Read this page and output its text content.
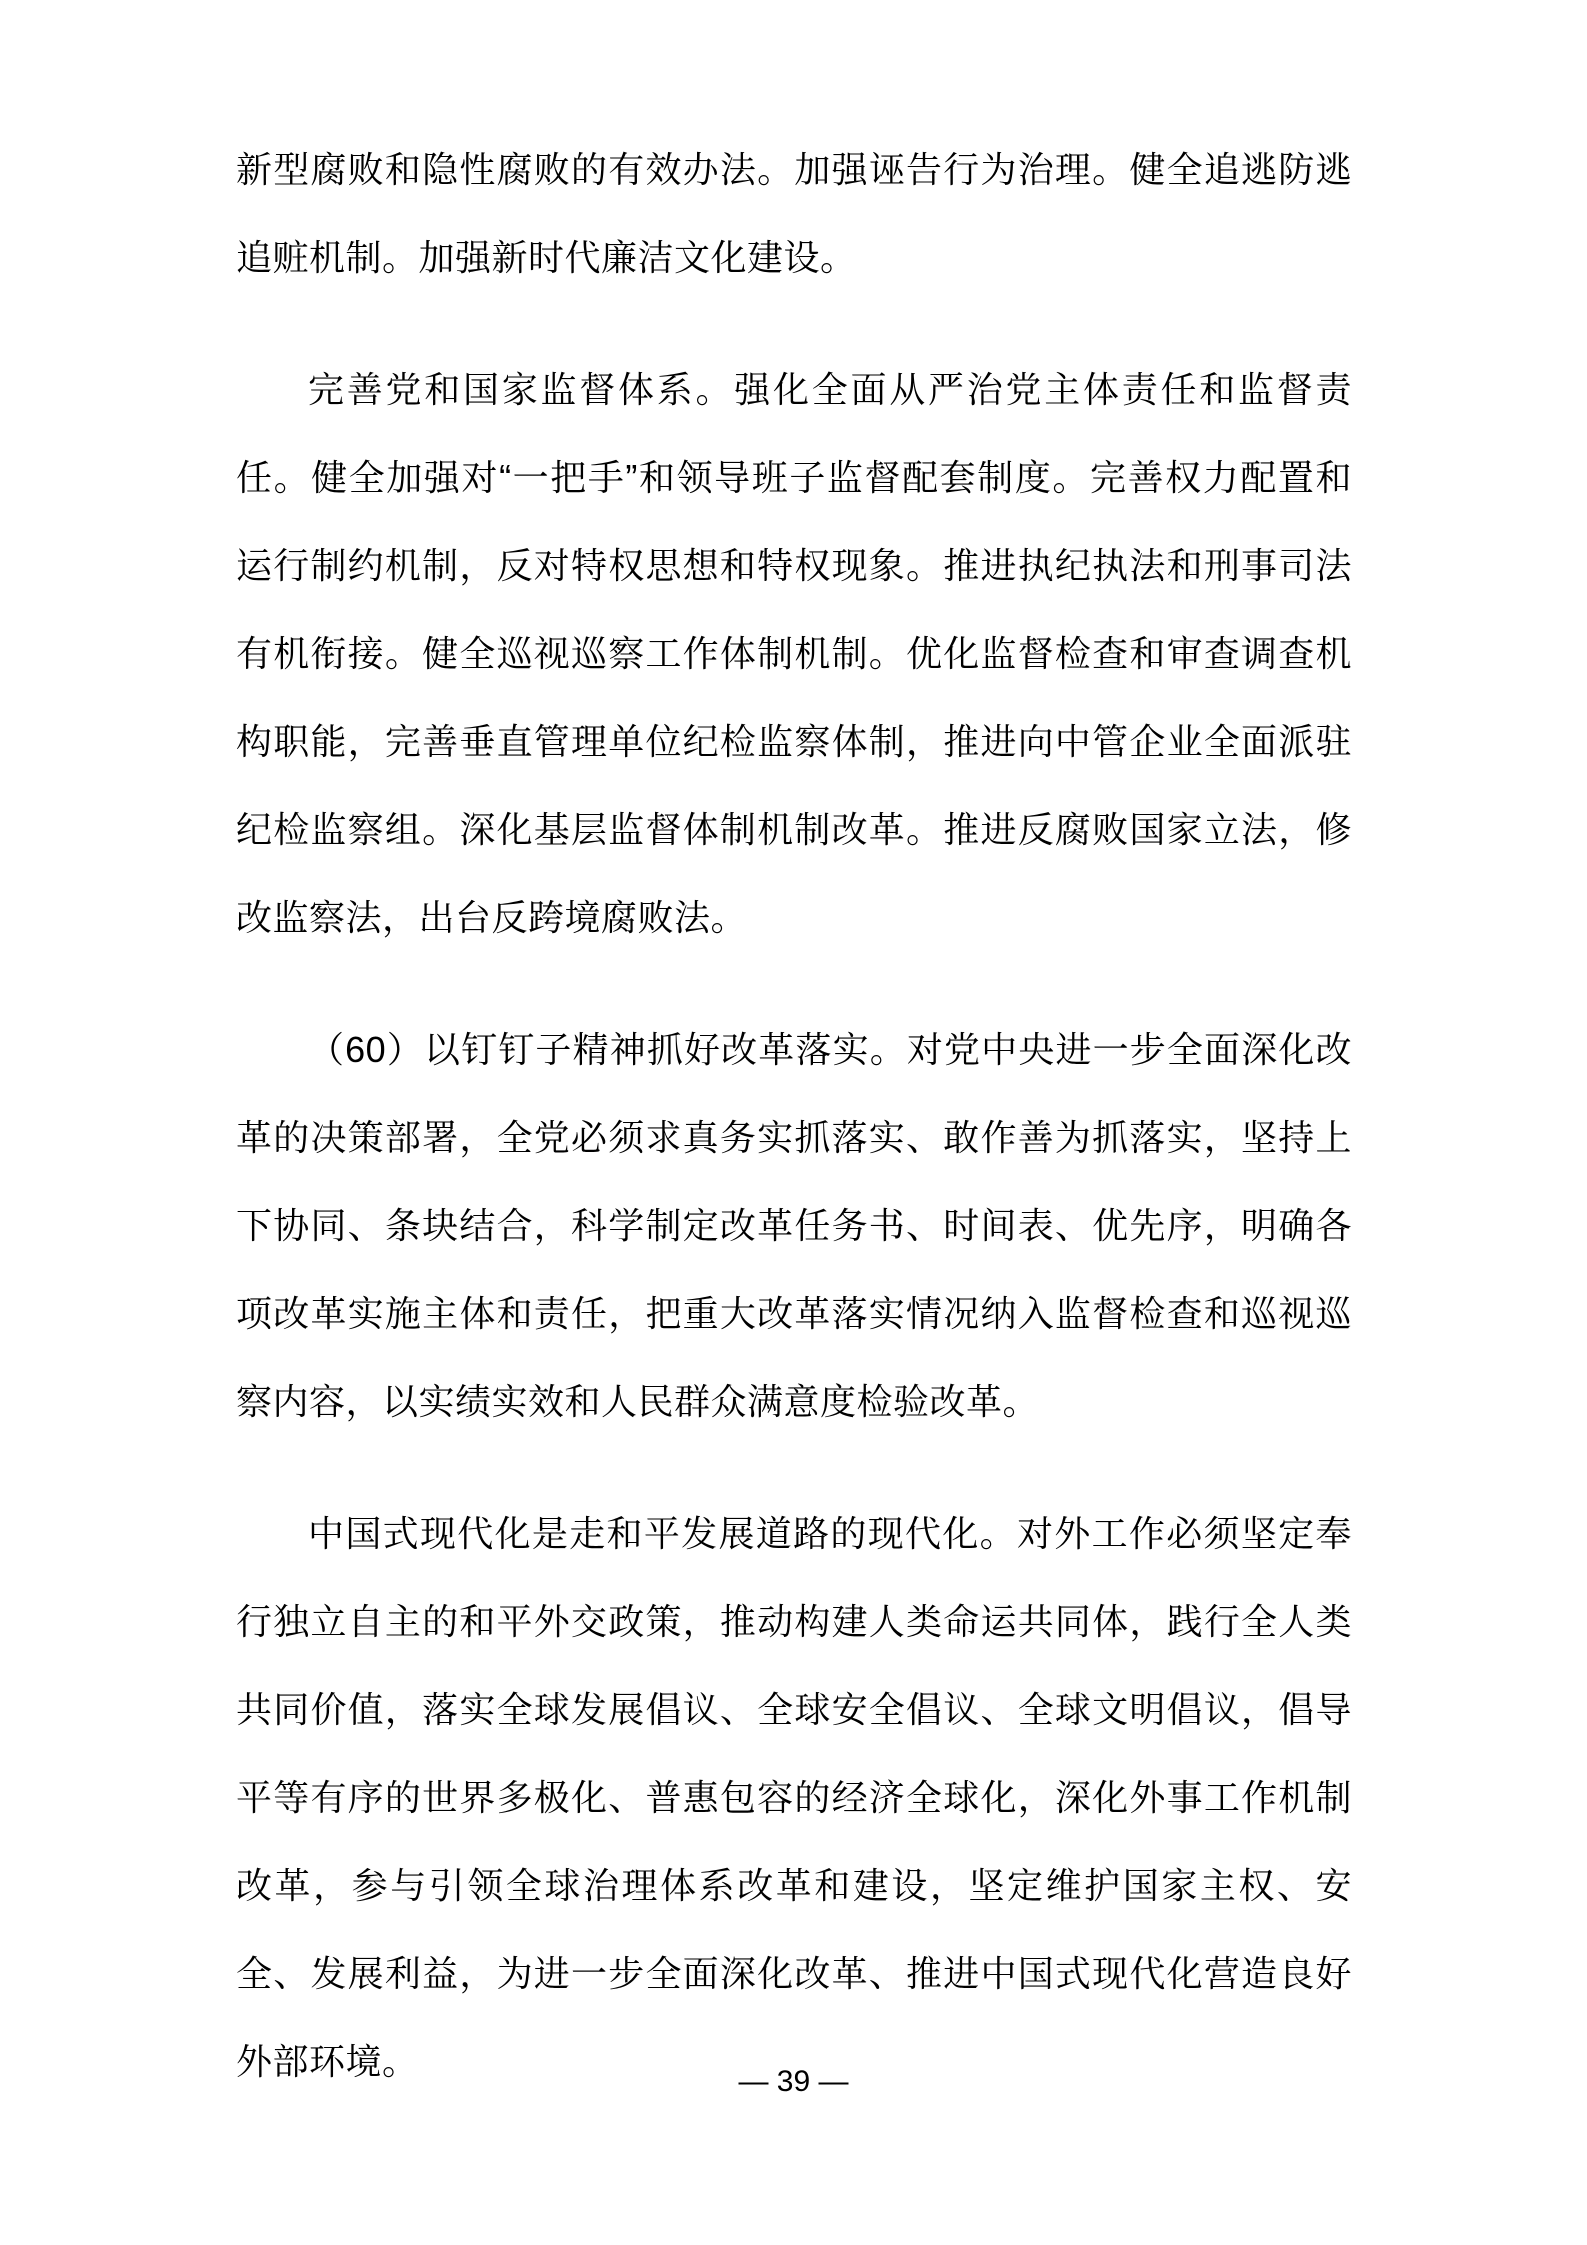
新型腐败和隐性腐败的有效办法。加强诬告行为治理。健全追逃防逃追赃机制。加强新时代廉洁文化建设。

完善党和国家监督体系。强化全面从严治党主体责任和监督责任。健全加强对“一把手”和领导班子监督配套制度。完善权力配置和运行制约机制，反对特权思想和特权现象。推进执纪执法和刑事司法有机衔接。健全巡视巡察工作体制机制。优化监督检查和审查调查机构职能，完善垂直管理单位纪检监察体制，推进向中管企业全面派驻纪检监察组。深化基层监督体制机制改革。推进反腐败国家立法，修改监察法，出台反跨境腐败法。

（60）以钉钉子精神抓好改革落实。对党中央进一步全面深化改革的决策部署，全党必须求真务实抓落实、敢作善为抓落实，坚持上下协同、条块结合，科学制定改革任务书、时间表、优先序，明确各项改革实施主体和责任，把重大改革落实情况纳入监督检查和巡视巡察内容，以实绩实效和人民群众满意度检验改革。

中国式现代化是走和平发展道路的现代化。对外工作必须坚定奉行独立自主的和平外交政策，推动构建人类命运共同体，践行全人类共同价值，落实全球发展倡议、全球安全倡议、全球文明倡议，倡导平等有序的世界多极化、普惠包容的经济全球化，深化外事工作机制改革，参与引领全球治理体系改革和建设，坚定维护国家主权、安全、发展利益，为进一步全面深化改革、推进中国式现代化营造良好外部环境。	— 39 —
